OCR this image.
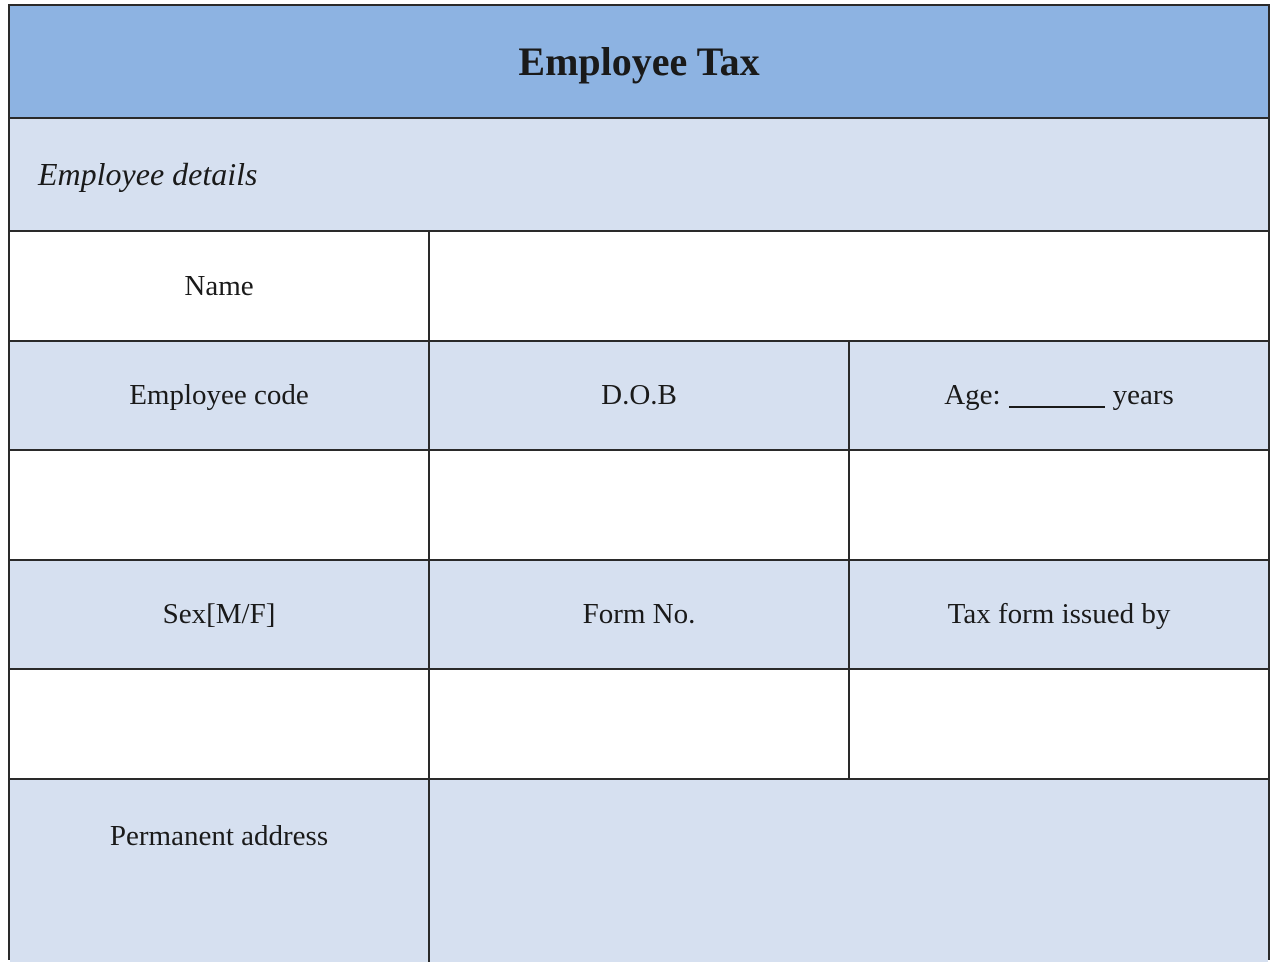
Employee Tax
Employee details
Name
Employee code	D.O.B	Age:	years
Sex[M/F]	Form No.	Tax form issued by
Permanent address
